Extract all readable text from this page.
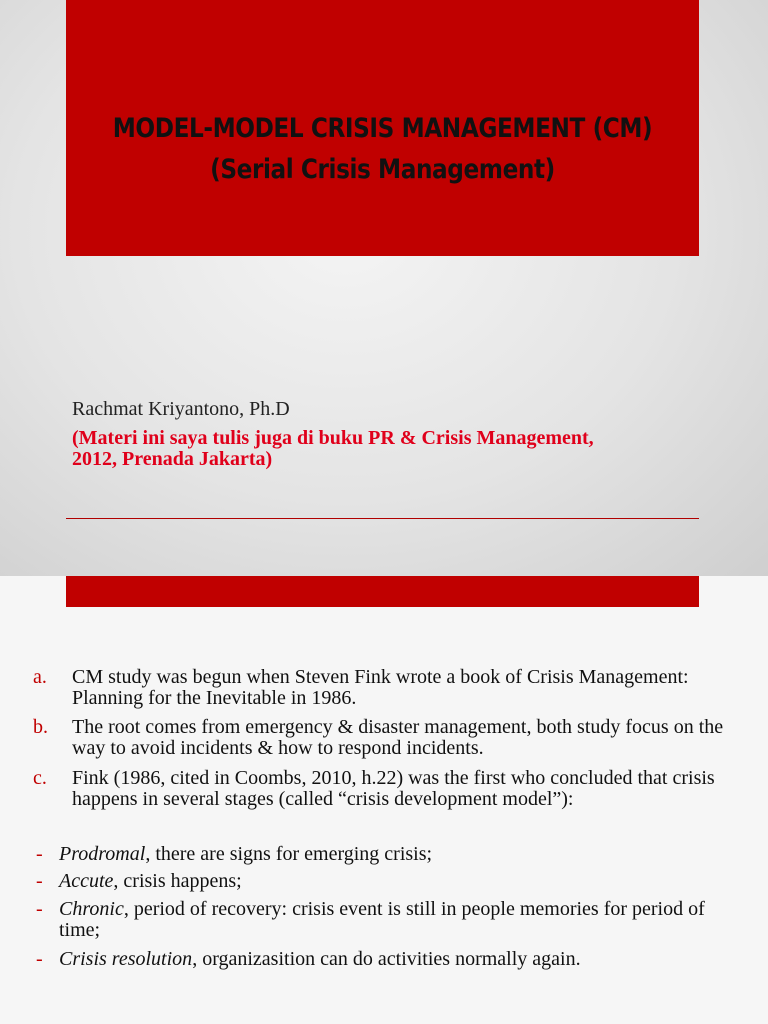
MODEL-MODEL CRISIS MANAGEMENT (CM)
(Serial Crisis Management)
Rachmat Kriyantono, Ph.D
(Materi ini saya tulis juga di buku PR & Crisis Management, 2012, Prenada Jakarta)
a. CM study was begun when Steven Fink wrote a book of Crisis Management: Planning for the Inevitable in 1986.
b. The root comes from emergency & disaster management, both study focus on the way to avoid incidents & how to respond incidents.
c. Fink (1986, cited in Coombs, 2010, h.22) was the first who concluded that crisis happens in several stages (called “crisis development model”):
- Prodromal, there are signs for emerging crisis;
- Accute, crisis happens;
- Chronic, period of recovery: crisis event is still in people memories for period of time;
- Crisis resolution, organizasition can do activities normally again.
